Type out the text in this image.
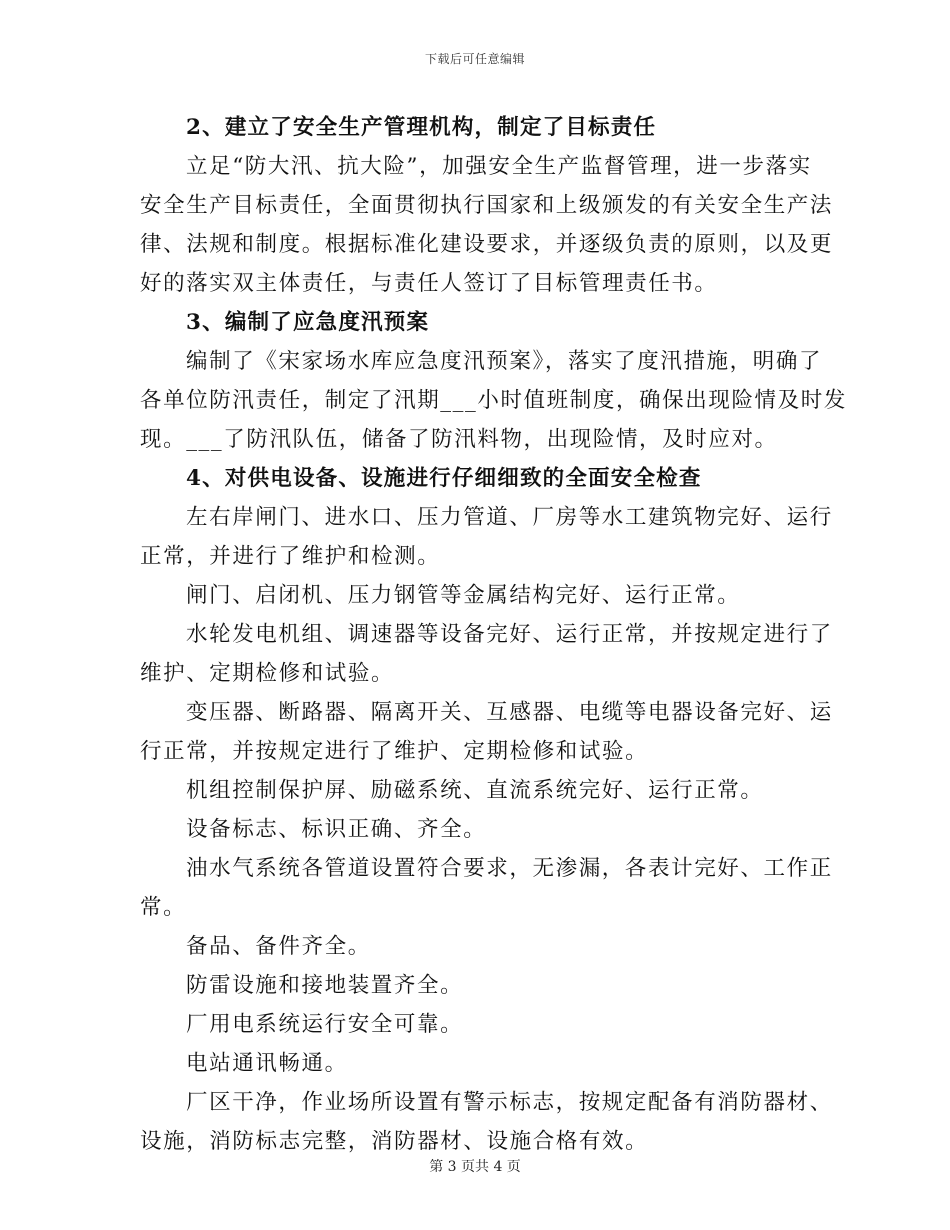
下载后可任意编辑
2、建立了安全生产管理机构，制定了目标责任
立足“防大汛、抗大险”，加强安全生产监督管理，进一步落实
安全生产目标责任，全面贯彻执行国家和上级颁发的有关安全生产法
律、法规和制度。根据标准化建设要求，并逐级负责的原则，以及更
好的落实双主体责任，与责任人签订了目标管理责任书。
3、编制了应急度汛预案
编制了《宋家场水库应急度汛预案》，落实了度汛措施，明确了
各单位防汛责任，制定了汛期___小时值班制度，确保出现险情及时发
现。___了防汛队伍，储备了防汛料物，出现险情，及时应对。
4、对供电设备、设施进行仔细细致的全面安全检查
左右岸闸门、进水口、压力管道、厂房等水工建筑物完好、运行
正常，并进行了维护和检测。
闸门、启闭机、压力钢管等金属结构完好、运行正常。
水轮发电机组、调速器等设备完好、运行正常，并按规定进行了
维护、定期检修和试验。
变压器、断路器、隔离开关、互感器、电缆等电器设备完好、运
行正常，并按规定进行了维护、定期检修和试验。
机组控制保护屏、励磁系统、直流系统完好、运行正常。
设备标志、标识正确、齐全。
油水气系统各管道设置符合要求，无渗漏，各表计完好、工作正
常。
备品、备件齐全。
防雷设施和接地装置齐全。
厂用电系统运行安全可靠。
电站通讯畅通。
厂区干净，作业场所设置有警示标志，按规定配备有消防器材、
设施，消防标志完整，消防器材、设施合格有效。
第 3 页共 4 页
